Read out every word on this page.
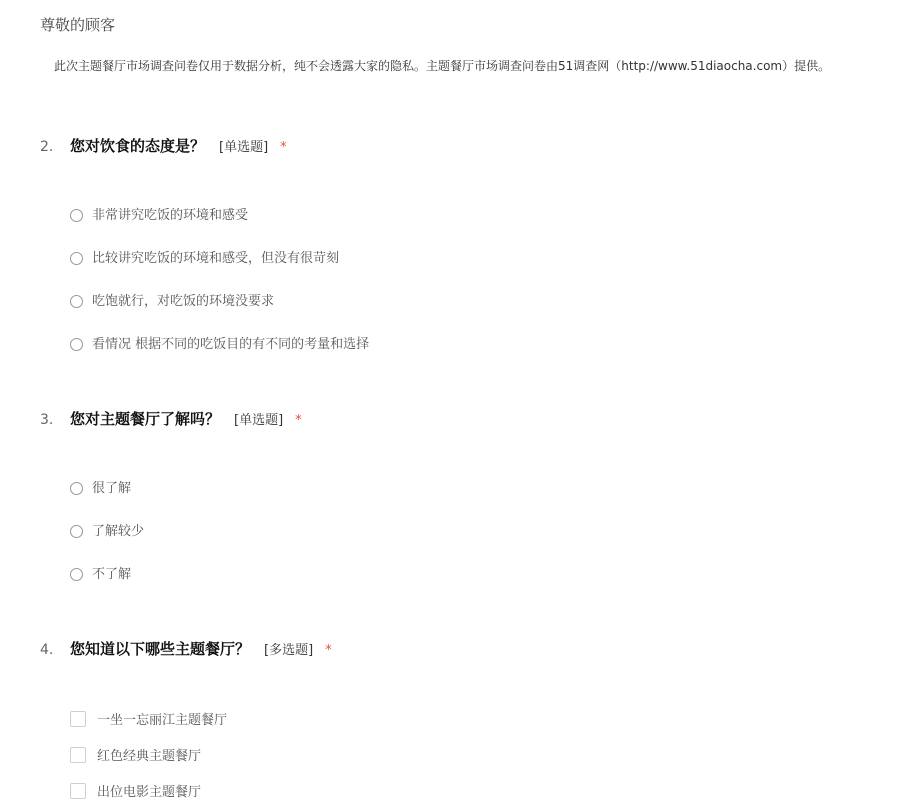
尊敬的顾客
此次主题餐厅市场调查问卷仅用于数据分析，纯不会透露大家的隐私。主题餐厅市场调查问卷由51调查网（http://www.51diaocha.com）提供。
2. 您对饮食的态度是？ [单选题] *
非常讲究吃饭的环境和感受
比较讲究吃饭的环境和感受，但没有很苛刻
吃饱就行，对吃饭的环境没要求
看情况 根据不同的吃饭目的有不同的考量和选择
3. 您对主题餐厅了解吗？ [单选题] *
很了解
了解较少
不了解
4. 您知道以下哪些主题餐厅？ [多选题] *
一坐一忘丽江主题餐厅
红色经典主题餐厅
出位电影主题餐厅
